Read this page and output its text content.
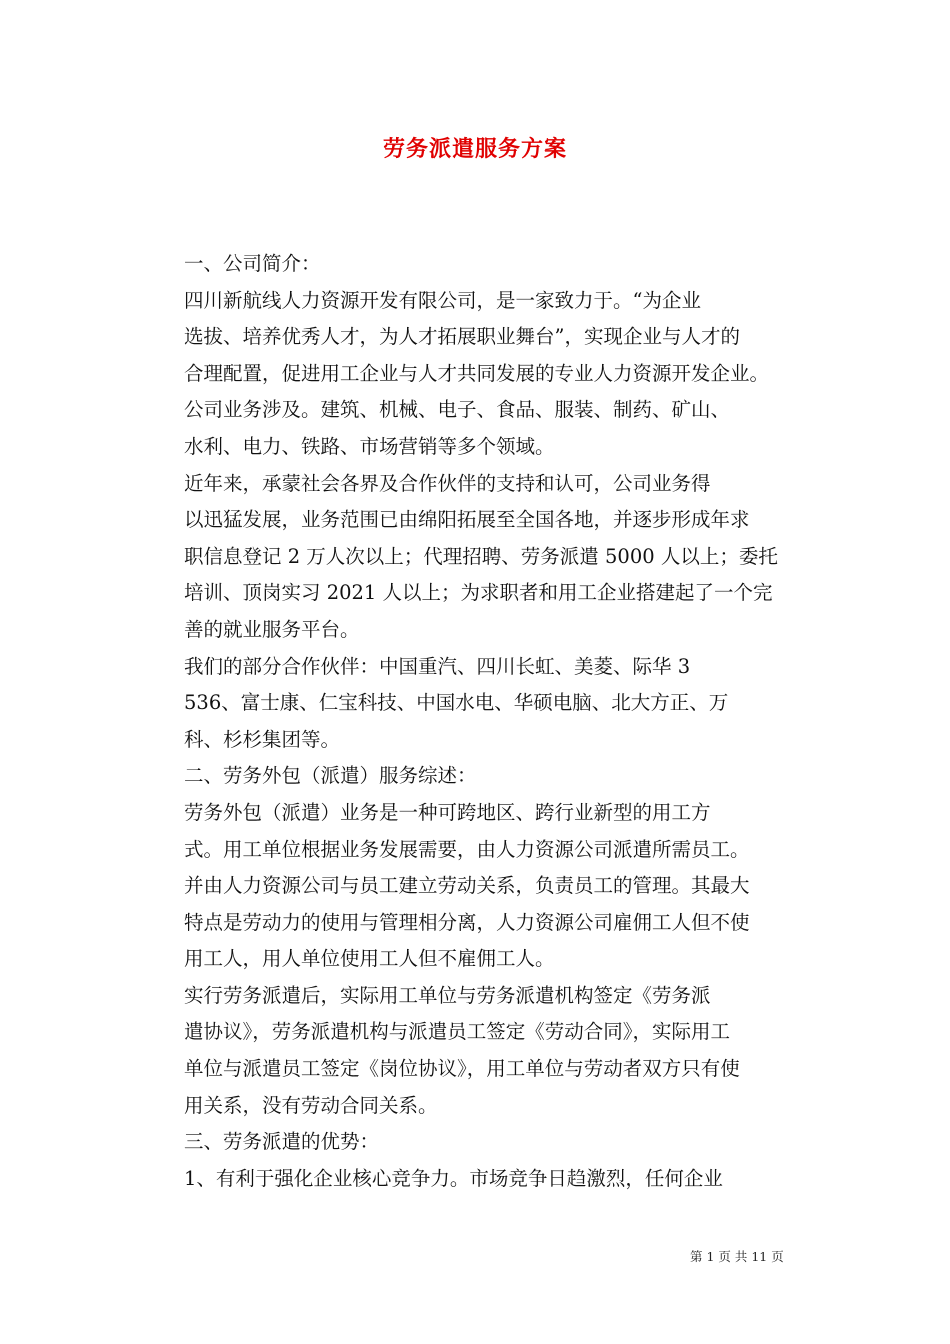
劳务派遣服务方案

一、公司简介：

四川新航线人力资源开发有限公司，是一家致力于。“为企业
选拔、培养优秀人才，为人才拓展职业舞台”，实现企业与人才的
合理配置，促进用工企业与人才共同发展的专业人力资源开发企业。

公司业务涉及。建筑、机械、电子、食品、服装、制药、矿山、
水利、电力、铁路、市场营销等多个领域。

近年来，承蒙社会各界及合作伙伴的支持和认可，公司业务得
以迅猛发展，业务范围已由绵阳拓展至全国各地，并逐步形成年求
职信息登记 2 万人次以上；代理招聘、劳务派遣 5000 人以上；委托
培训、顶岗实习 2021 人以上；为求职者和用工企业搭建起了一个完
善的就业服务平台。

我们的部分合作伙伴：中国重汽、四川长虹、美菱、际华 3
536、富士康、仁宝科技、中国水电、华硕电脑、北大方正、万
科、杉杉集团等。

二、劳务外包（派遣）服务综述：

劳务外包（派遣）业务是一种可跨地区、跨行业新型的用工方
式。用工单位根据业务发展需要，由人力资源公司派遣所需员工。
并由人力资源公司与员工建立劳动关系，负责员工的管理。其最大
特点是劳动力的使用与管理相分离，人力资源公司雇佣工人但不使
用工人，用人单位使用工人但不雇佣工人。

实行劳务派遣后，实际用工单位与劳务派遣机构签定《劳务派
遣协议》，劳务派遣机构与派遣员工签定《劳动合同》，实际用工
单位与派遣员工签定《岗位协议》，用工单位与劳动者双方只有使
用关系，没有劳动合同关系。

三、劳务派遣的优势：

1、有利于强化企业核心竞争力。市场竞争日趋激烈，任何企业

第 1 页 共 11 页
